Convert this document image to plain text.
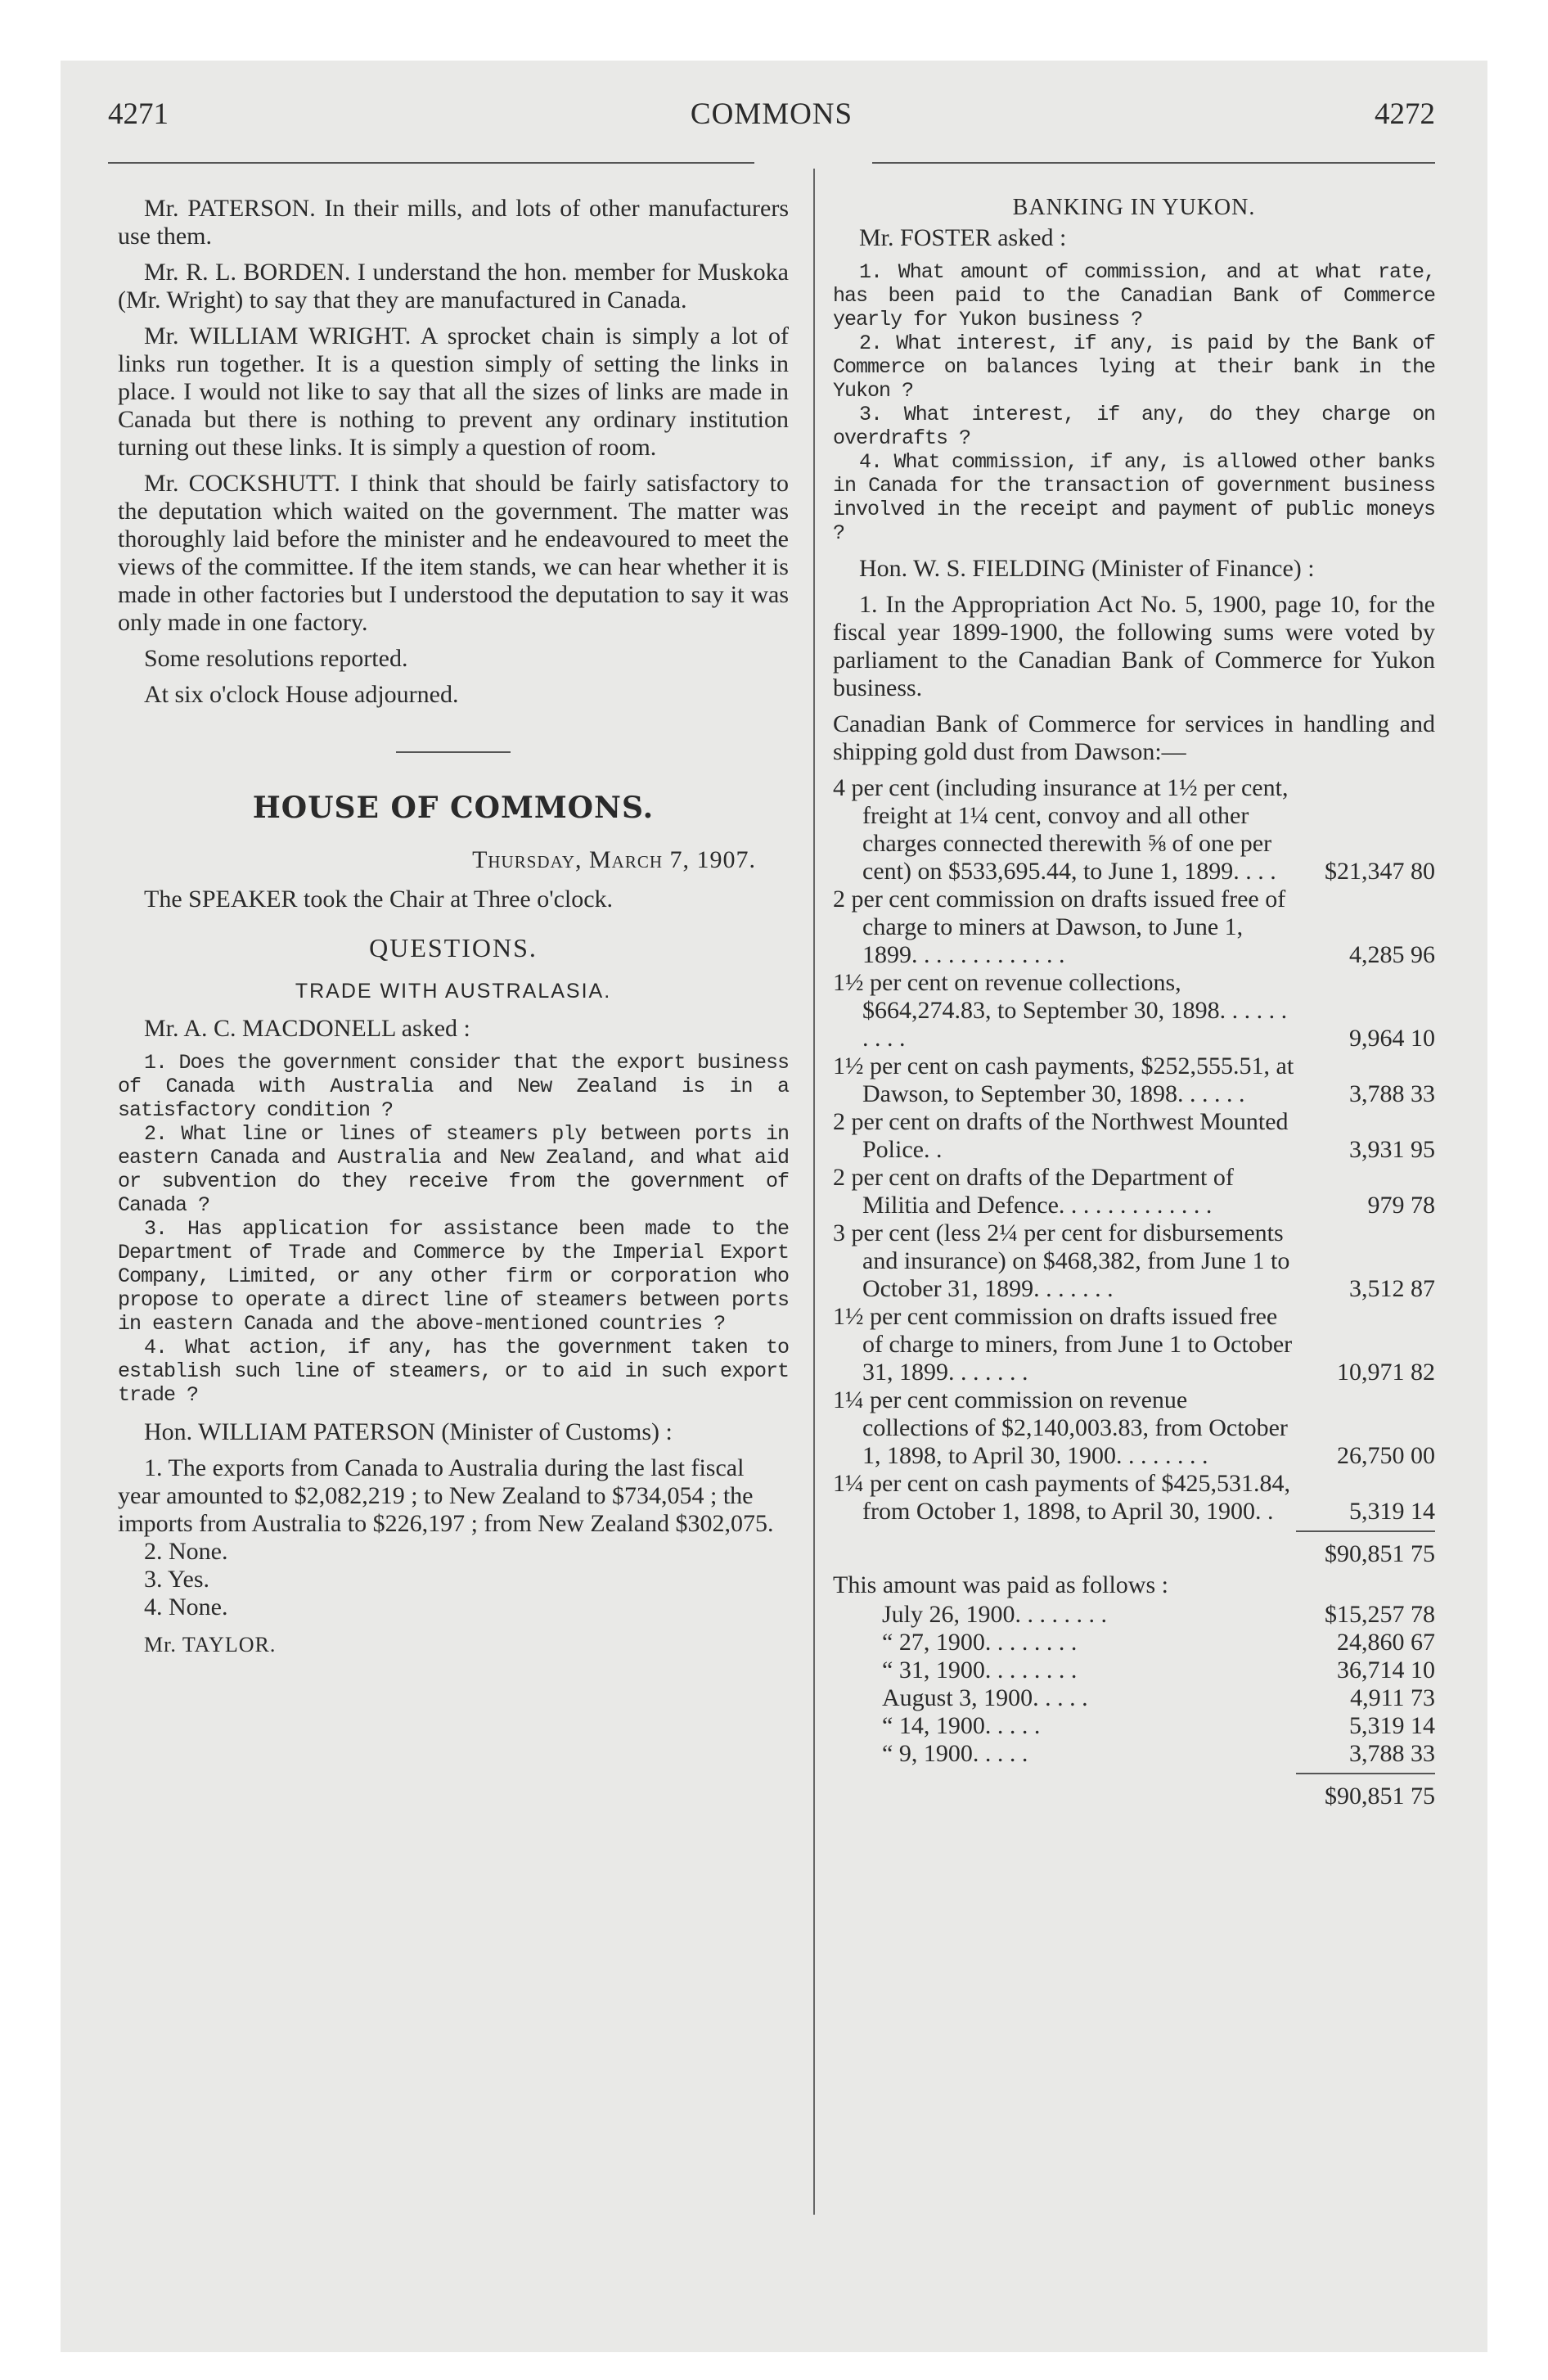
4271	COMMONS	4272

Mr. PATERSON. In their mills, and lots of other manufacturers use them.

Mr. R. L. BORDEN. I understand the hon. member for Muskoka (Mr. Wright) to say that they are manufactured in Canada.

Mr. WILLIAM WRIGHT. A sprocket chain is simply a lot of links run together. It is a question simply of setting the links in place. I would not like to say that all the sizes of links are made in Canada but there is nothing to prevent any ordinary institution turning out these links. It is simply a question of room.

Mr. COCKSHUTT. I think that should be fairly satisfactory to the deputation which waited on the government. The matter was thoroughly laid before the minister and he endeavoured to meet the views of the committee. If the item stands, we can hear whether it is made in other factories but I understood the deputation to say it was only made in one factory.

Some resolutions reported.

At six o'clock House adjourned.

HOUSE OF COMMONS.
Thursday, March 7, 1907.

The SPEAKER took the Chair at Three o'clock.

QUESTIONS.
TRADE WITH AUSTRALASIA.

Mr. A. C. MACDONELL asked :

1. Does the government consider that the export business of Canada with Australia and New Zealand is in a satisfactory condition ?

2. What line or lines of steamers ply between ports in eastern Canada and Australia and New Zealand, and what aid or subvention do they receive from the government of Canada ?

3. Has application for assistance been made to the Department of Trade and Commerce by the Imperial Export Company, Limited, or any other firm or corporation who propose to operate a direct line of steamers between ports in eastern Canada and the above-mentioned countries ?

4. What action, if any, has the government taken to establish such line of steamers, or to aid in such export trade ?

Hon. WILLIAM PATERSON (Minister of Customs) :

1. The exports from Canada to Australia during the last fiscal year amounted to $2,082,219 ; to New Zealand to $734,054 ; the imports from Australia to $226,197 ; from New Zealand $302,075.

2. None.

3. Yes.

4. None.

Mr. TAYLOR.

BANKING IN YUKON.

Mr. FOSTER asked :

1. What amount of commission, and at what rate, has been paid to the Canadian Bank of Commerce yearly for Yukon business ?

2. What interest, if any, is paid by the Bank of Commerce on balances lying at their bank in the Yukon ?

3. What interest, if any, do they charge on overdrafts ?

4. What commission, if any, is allowed other banks in Canada for the transaction of government business involved in the receipt and payment of public moneys ?

Hon. W. S. FIELDING (Minister of Finance) :

1. In the Appropriation Act No. 5, 1900, page 10, for the fiscal year 1899-1900, the following sums were voted by parliament to the Canadian Bank of Commerce for Yukon business.

Canadian Bank of Commerce for services in handling and shipping gold dust from Dawson:—

4 per cent (including insurance at 1½ per cent, freight at 1¼ cent, convoy and all other charges connected therewith ⅝ of one per cent) on $533,695.44, to June 1, 1899. . . .	$21,347 80
2 per cent commission on drafts issued free of charge to miners at Dawson, to June 1, 1899. . . . . . . . . . . . .	4,285 96
1½ per cent on revenue collections, $664,274.83, to September 30, 1898. . . . . . . . . .	9,964 10
1½ per cent on cash payments, $252,555.51, at Dawson, to September 30, 1898. . . . . .	3,788 33
2 per cent on drafts of the Northwest Mounted Police. .	3,931 95
2 per cent on drafts of the Department of Militia and Defence. . . . . . . . . . . . .	979 78
3 per cent (less 2¼ per cent for disbursements and insurance) on $468,382, from June 1 to October 31, 1899. . . . . . .	3,512 87
1½ per cent commission on drafts issued free of charge to miners, from June 1 to October 31, 1899. . . . . . .	10,971 82
1¼ per cent commission on revenue collections of $2,140,003.83, from October 1, 1898, to April 30, 1900. . . . . . . .	26,750 00
1¼ per cent on cash payments of $425,531.84, from October 1, 1898, to April 30, 1900. .	5,319 14
$90,851 75

This amount was paid as follows :

July 26, 1900. . . . . . . .	$15,257 78
“ 27, 1900. . . . . . . .	24,860 67
“ 31, 1900. . . . . . . .	36,714 10
August 3, 1900. . . . .	4,911 73
“ 14, 1900. . . . .	5,319 14
“ 9, 1900. . . . .	3,788 33
$90,851 75
